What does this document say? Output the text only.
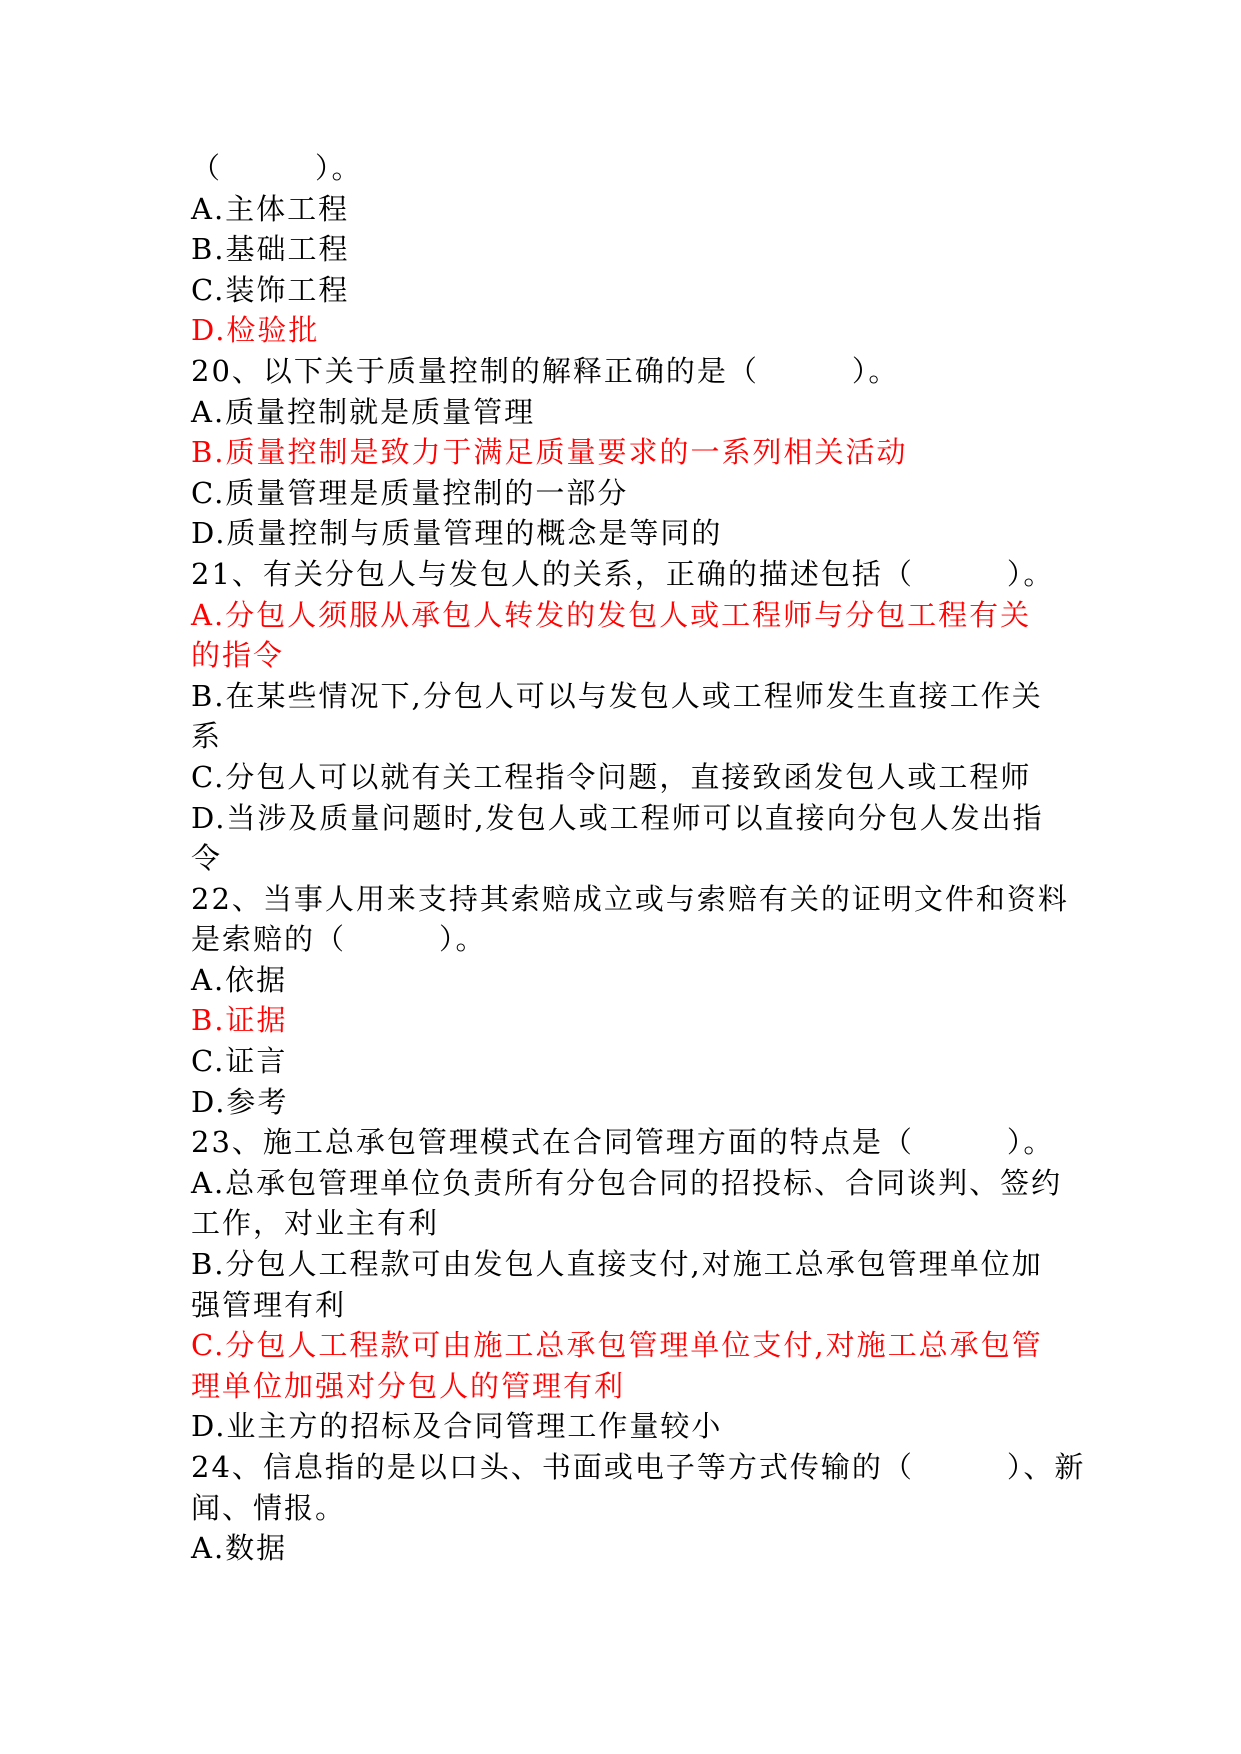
（　　　）。
A.主体工程
B.基础工程
C.装饰工程
D.检验批
20、以下关于质量控制的解释正确的是（　　　）。
A.质量控制就是质量管理
B.质量控制是致力于满足质量要求的一系列相关活动
C.质量管理是质量控制的一部分
D.质量控制与质量管理的概念是等同的
21、有关分包人与发包人的关系，正确的描述包括（　　　）。
A.分包人须服从承包人转发的发包人或工程师与分包工程有关
的指令
B.在某些情况下,分包人可以与发包人或工程师发生直接工作关
系
C.分包人可以就有关工程指令问题，直接致函发包人或工程师
D.当涉及质量问题时,发包人或工程师可以直接向分包人发出指
令
22、当事人用来支持其索赔成立或与索赔有关的证明文件和资料
是索赔的（　　　）。
A.依据
B.证据
C.证言
D.参考
23、施工总承包管理模式在合同管理方面的特点是（　　　）。
A.总承包管理单位负责所有分包合同的招投标、合同谈判、签约
工作，对业主有利
B.分包人工程款可由发包人直接支付,对施工总承包管理单位加
强管理有利
C.分包人工程款可由施工总承包管理单位支付,对施工总承包管
理单位加强对分包人的管理有利
D.业主方的招标及合同管理工作量较小
24、信息指的是以口头、书面或电子等方式传输的（　　　）、新
闻、情报。
A.数据
